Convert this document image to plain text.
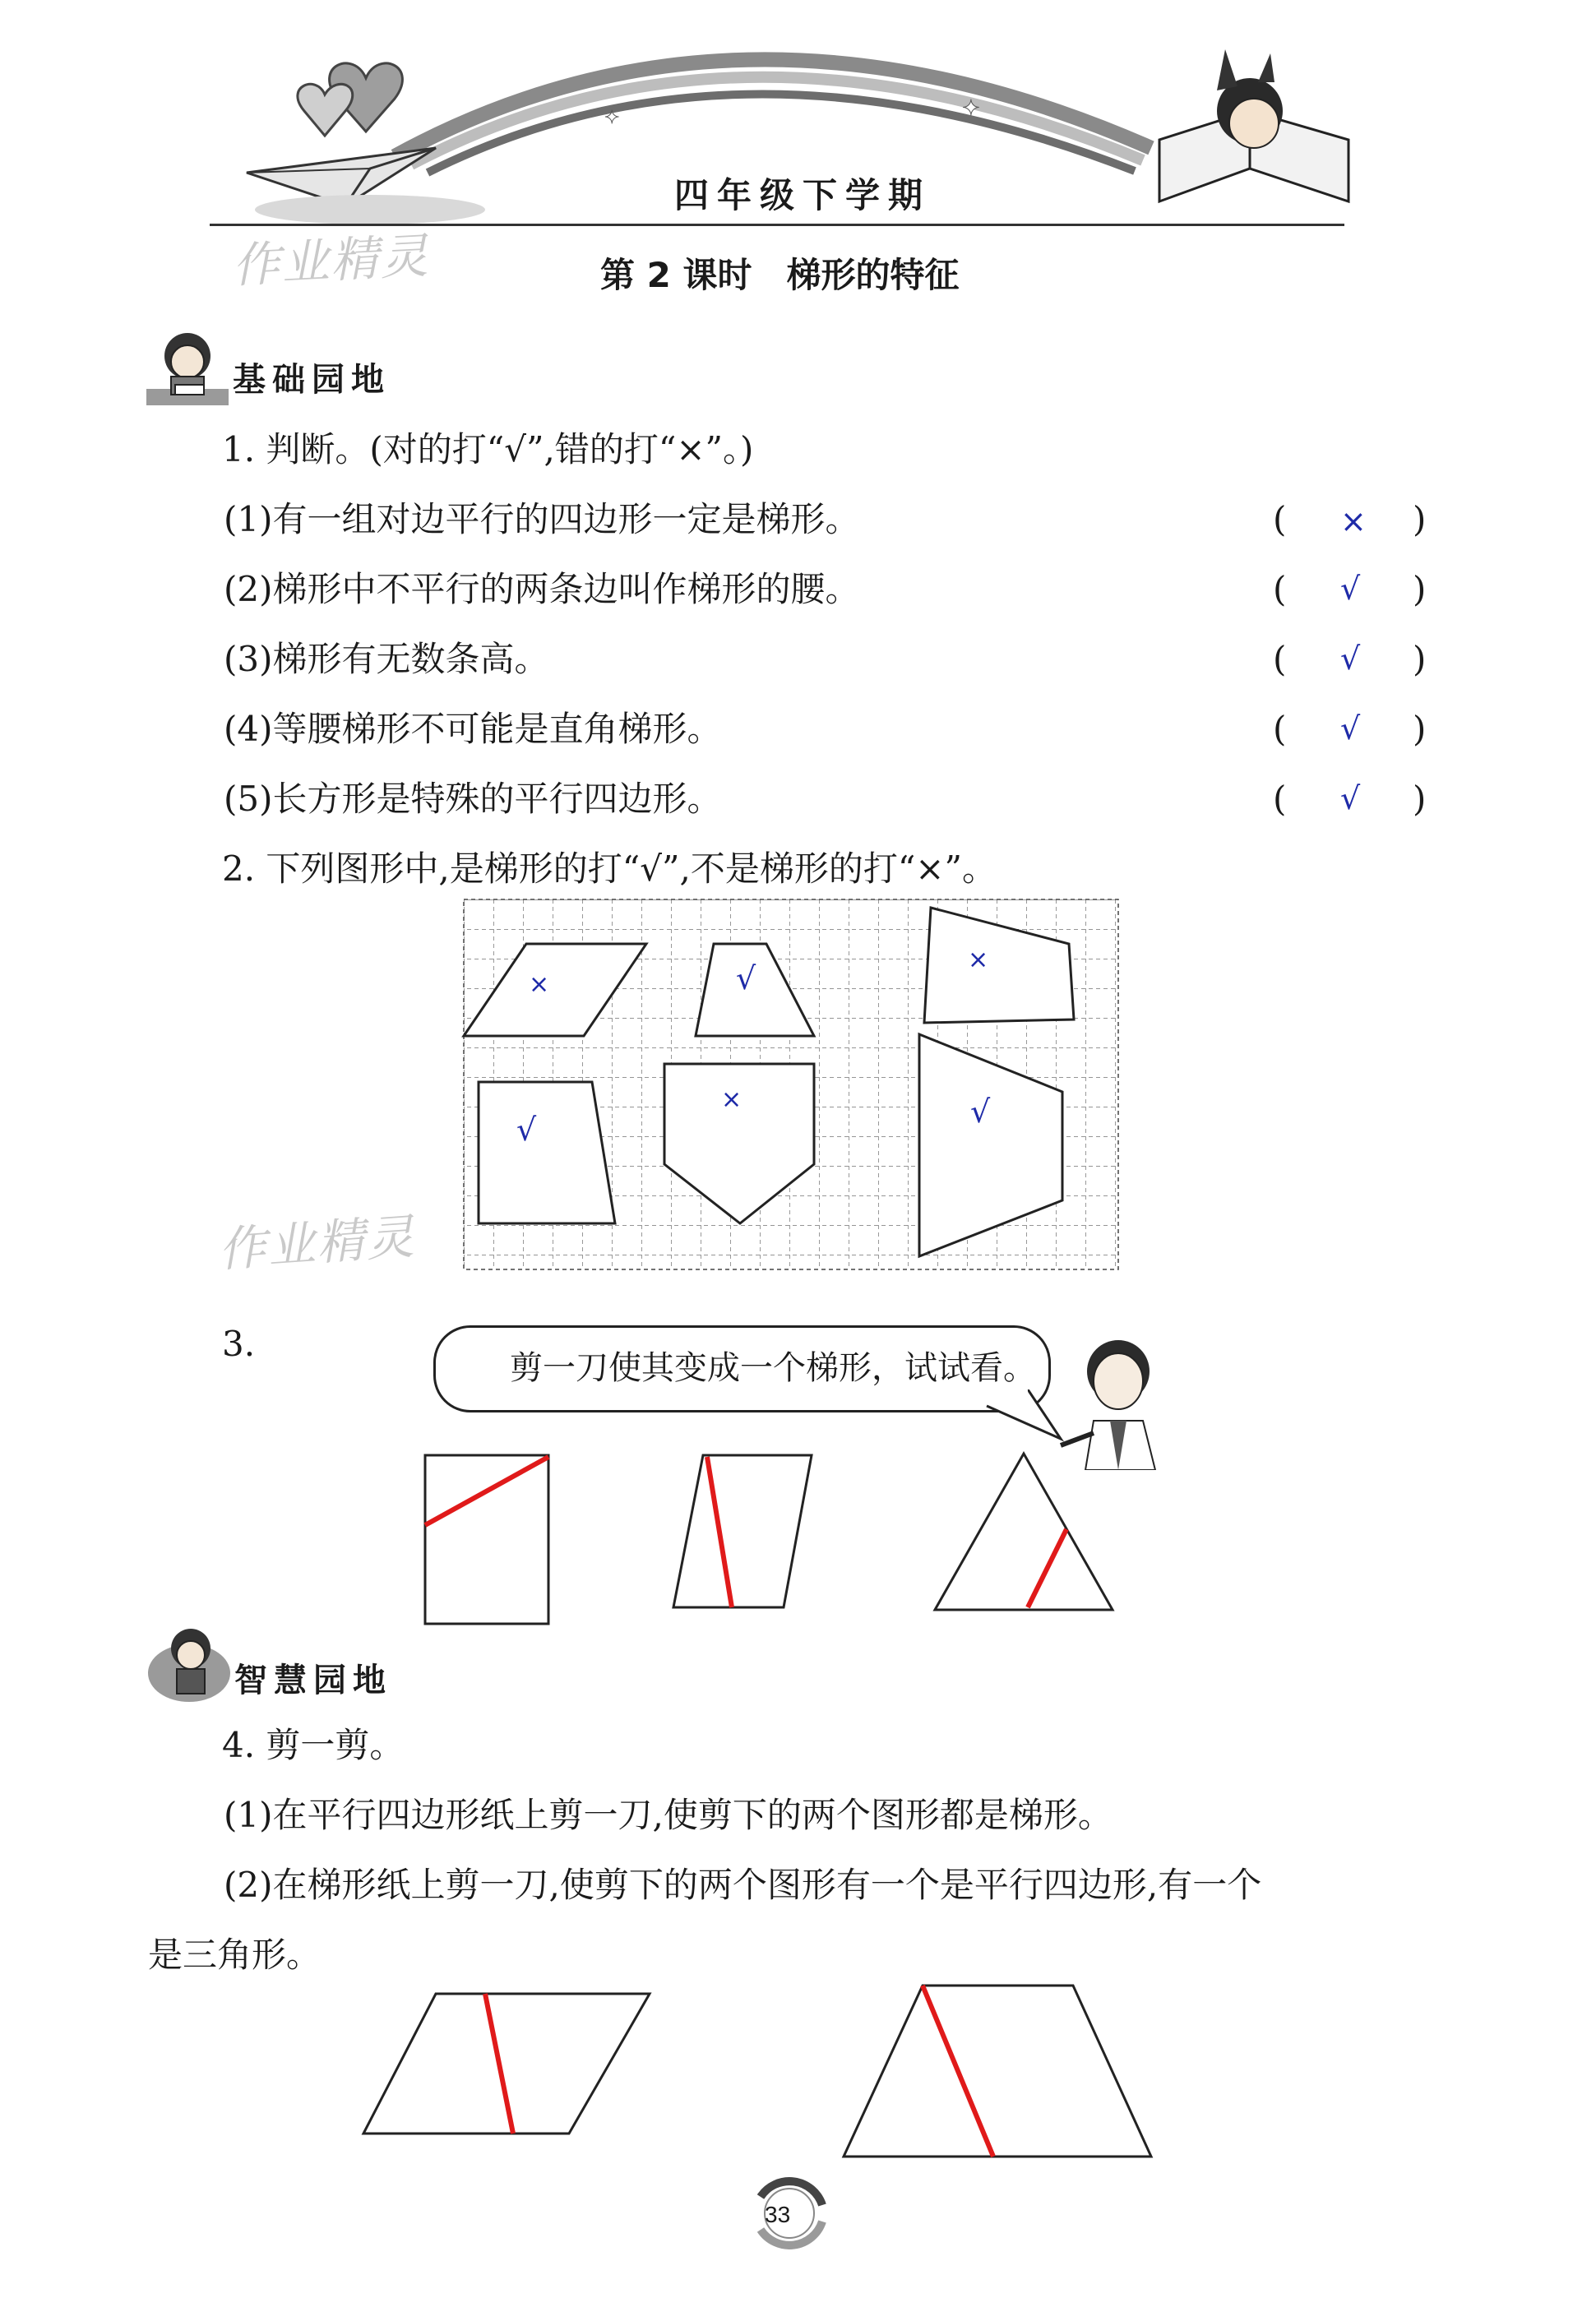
✦	✦
四年级下学期
第 2 课时　梯形的特征
作业精灵
作业精灵
基础园地
1. 判断。(对的打“√”,错的打“×”。)
(1)有一组对边平行的四边形一定是梯形。	( × )
(2)梯形中不平行的两条边叫作梯形的腰。	( √ )
(3)梯形有无数条高。	( √ )
(4)等腰梯形不可能是直角梯形。	( √ )
(5)长方形是特殊的平行四边形。	( √ )
2. 下列图形中,是梯形的打“√”,不是梯形的打“×”。
×	√
×
√
×	√
3.
剪一刀使其变成一个梯形，试试看。
智慧园地
4. 剪一剪。
(1)在平行四边形纸上剪一刀,使剪下的两个图形都是梯形。
(2)在梯形纸上剪一刀,使剪下的两个图形有一个是平行四边形,有一个
是三角形。
33
